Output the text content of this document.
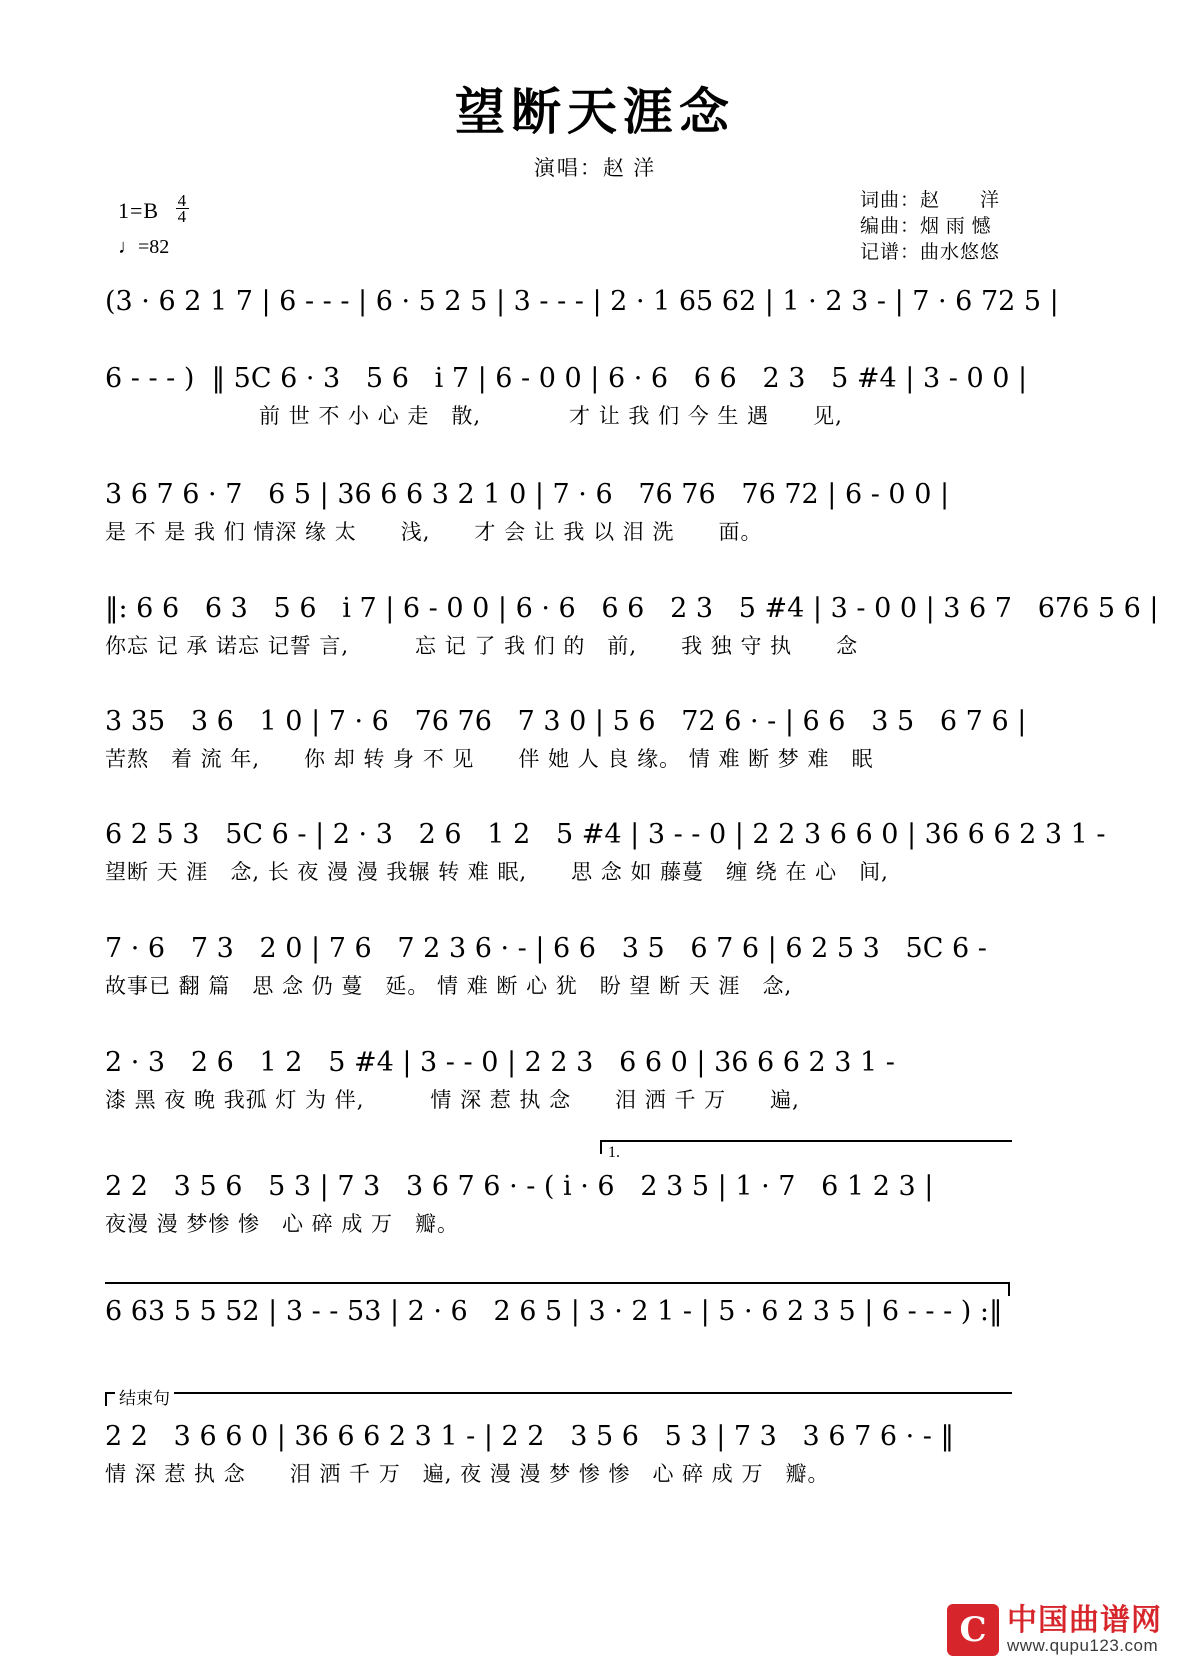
望断天涯念
演唱：赵 洋
$1=B \frac{4}{4}$
♩=82
词曲：赵　　洋
编曲：烟 雨 憾
记谱：曲水悠悠
(3 · 6 2 1 7 | 6 - - - | 6 · 5 2 5 | 3 - - - | 2 · 1 65 62 | 1 · 2 3 - | 7 · 6 72 5 |
6 - - - )  ‖ 5C 6 · 3   5 6   i 7 | 6 - 0 0 | 6 · 6   6 6   2 3   5 #4 | 3 - 0 0 |
　　　　　　　前 世 不 小 心 走　散,　　　　才 让 我 们 今 生 遇　　见,
3 6 7 6 · 7   6 5 | 36 6 6 3 2 1 0 | 7 · 6   76 76   76 72 | 6 - 0 0 |
是 不 是 我 们 情深 缘 太　　浅,　　才 会 让 我 以 泪 洗　　面。
‖: 6 6   6 3   5 6   i 7 | 6 - 0 0 | 6 · 6   6 6   2 3   5 #4 | 3 - 0 0 | 3 6 7   676 5 6 |
你忘 记 承 诺忘 记誓 言,　　　忘 记 了 我 们 的　前,　　我 独 守 执　　念
3 35   3 6   1 0 | 7 · 6   76 76   7 3 0 | 5 6   72 6 · - | 6 6   3 5   6 7 6 |
苦熬　着 流 年,　　你 却 转 身 不 见　　伴 她 人 良 缘。 情 难 断 梦 难　眠
6 2 5 3   5C 6 - | 2 · 3   2 6   1 2   5 #4 | 3 - - 0 | 2 2 3 6 6 0 | 36 6 6 2 3 1 -
望断 天 涯　念, 长 夜 漫 漫 我辗 转 难 眠,　　思 念 如 藤蔓　缠 绕 在 心　间,
7 · 6   7 3   2 0 | 7 6   7 2 3 6 · - | 6 6   3 5   6 7 6 | 6 2 5 3   5C 6 -
故事已 翻 篇　思 念 仍 蔓　延。 情 难 断 心 犹　盼 望 断 天 涯　念,
2 · 3   2 6   1 2   5 #4 | 3 - - 0 | 2 2 3   6 6 0 | 36 6 6 2 3 1 -
漆 黑 夜 晚 我孤 灯 为 伴,　　　情 深 惹 执 念　　泪 洒 千 万　　遍,
1.
2 2   3 5 6   5 3 | 7 3   3 6 7 6 · - ( i · 6   2 3 5 | 1 · 7   6 1 2 3 |
夜漫 漫 梦惨 惨　心 碎 成 万　瓣。
6 63 5 5 52 | 3 - - 53 | 2 · 6   2 6 5 | 3 · 2 1 - | 5 · 6 2 3 5 | 6 - - - ) :‖
结束句
2 2   3 6 6 0 | 36 6 6 2 3 1 - | 2 2   3 5 6   5 3 | 7 3   3 6 7 6 · - ‖
情 深 惹 执 念　　泪 洒 千 万　遍, 夜 漫 漫 梦 惨 惨　心 碎 成 万　瓣。
C 中国曲谱网
www.qupu123.com
